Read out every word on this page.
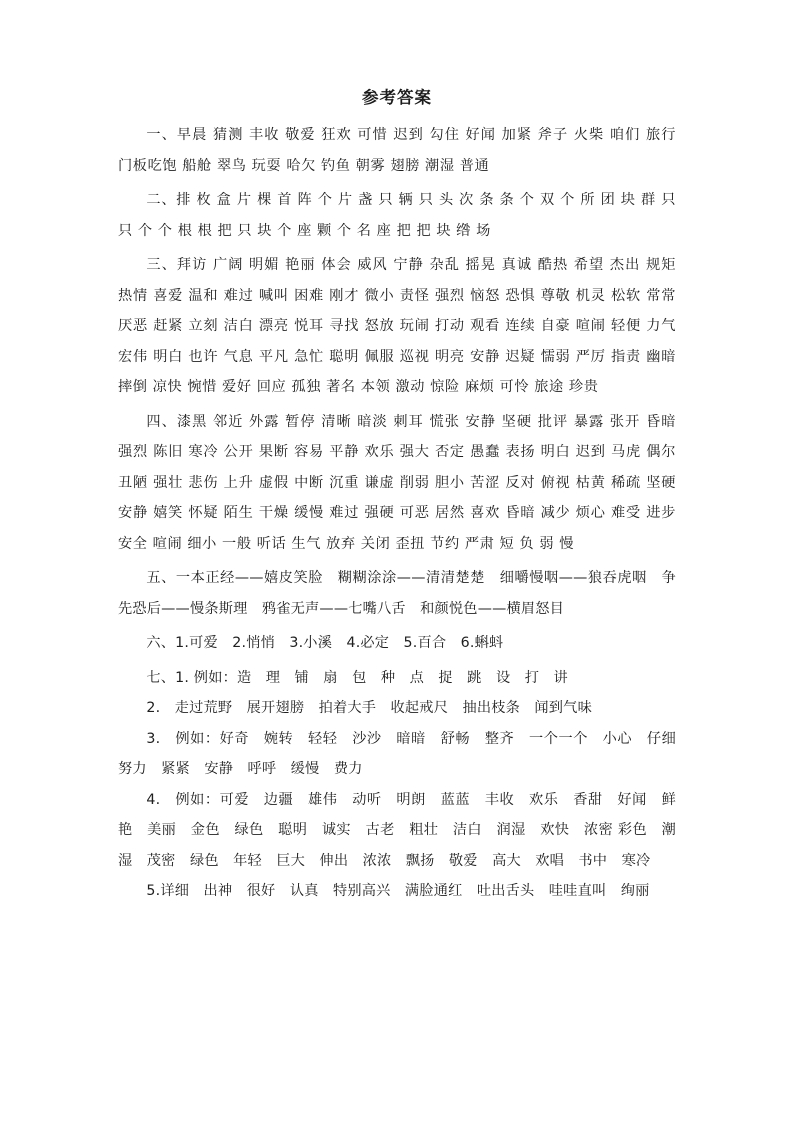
参考答案

一、早晨 猜测 丰收 敬爱 狂欢 可惜 迟到 勾住 好闻 加紧 斧子 火柴 咱们 旅行 门板吃饱 船舱 翠鸟 玩耍 哈欠 钓鱼 朝雾 翅膀 潮湿 普通

二、排 枚 盒 片 棵 首 阵 个 片 盏 只 辆 只 头 次 条 条 个 双 个 所 团 块 群 只 只 个 个 根 根 把 只 块 个 座 颗 个 名 座 把 把 块 绺 场

三、拜访 广阔 明媚 艳丽 体会 威风 宁静 杂乱 摇晃 真诚 酷热 希望 杰出 规矩 热情 喜爱 温和 难过 喊叫 困难 刚才 微小 责怪 强烈 恼怒 恐惧 尊敬 机灵 松软 常常 厌恶 赶紧 立刻 洁白 漂亮 悦耳 寻找 怒放 玩闹 打动 观看 连续 自豪 喧闹 轻便 力气 宏伟 明白 也许 气息 平凡 急忙 聪明 佩服 巡视 明亮 安静 迟疑 懦弱 严厉 指责 幽暗 摔倒 凉快 惋惜 爱好 回应 孤独 著名 本领 激动 惊险 麻烦 可怜 旅途 珍贵

四、漆黑 邻近 外露 暂停 清晰 暗淡 刺耳 慌张 安静 坚硬 批评 暴露 张开 昏暗 强烈 陈旧 寒冷 公开 果断 容易 平静 欢乐 强大 否定 愚蠢 表扬 明白 迟到 马虎 偶尔 丑陋 强壮 悲伤 上升 虚假 中断 沉重 谦虚 削弱 胆小 苦涩 反对 俯视 枯黄 稀疏 坚硬 安静 嬉笑 怀疑 陌生 干燥 缓慢 难过 强硬 可恶 居然 喜欢 昏暗 减少 烦心 难受 进步 安全 喧闹 细小 一般 听话 生气 放弃 关闭 歪扭 节约 严肃 短 负 弱 慢

五、一本正经——嬉皮笑脸　糊糊涂涂——清清楚楚　细嚼慢咽——狼吞虎咽　争先恐后——慢条斯理　鸦雀无声——七嘴八舌　和颜悦色——横眉怒目

六、1.可爱　2.悄悄　3.小溪　4.必定　5.百合　6.蝌蚪

七、1. 例如：造　理　铺　扇　包　种　点　捉　跳　设　打　讲

2.　走过荒野　展开翅膀　拍着大手　收起戒尺　抽出枝条　闻到气味

3.　例如：好奇　婉转　轻轻　沙沙　暗暗　舒畅　整齐　一个一个　小心　仔细　努力　紧紧　安静　呼呼　缓慢　费力

4.　例如：可爱　边疆　雄伟　动听　明朗　蓝蓝　丰收　欢乐　香甜　好闻　鲜艳　美丽　金色　绿色　聪明　诚实　古老　粗壮　洁白　润湿　欢快　浓密 彩色　潮湿　茂密　绿色　年轻　巨大　伸出　浓浓　飘扬　敬爱　高大　欢唱　书中　寒冷

5.详细　出神　很好　认真　特别高兴　满脸通红　吐出舌头　哇哇直叫　绚丽
